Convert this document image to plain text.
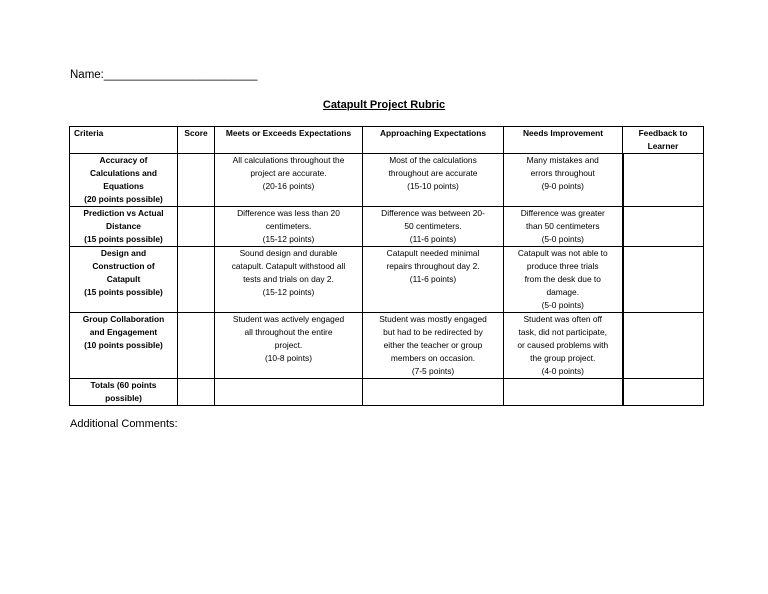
Name:________________________
Catapult Project Rubric
Criteria	Score	Meets or Exceeds Expectations	Approaching Expectations	Needs Improvement	Feedback to Learner

Accuracy of
Calculations and
Equations
(20 points possible)		All calculations throughout the
project are accurate.
(20-16 points)	Most of the calculations
throughout are accurate
(15-10 points)	Many mistakes and
errors throughout
(9-0 points)	

Prediction vs Actual
Distance
(15 points possible)		Difference was less than 20
centimeters.
(15-12 points)	Difference was between 20-
50 centimeters.
(11-6 points)	Difference was greater
than 50 centimeters
(5-0 points)	

Design and
Construction of
Catapult
(15 points possible)		Sound design and durable
catapult. Catapult withstood all
tests and trials on day 2.
(15-12 points)	Catapult needed minimal
repairs throughout day 2.
(11-6 points)	Catapult was not able to
produce three trials
from the desk due to
damage.
(5-0 points)	

Group Collaboration
and Engagement
(10 points possible)		Student was actively engaged
all throughout the entire
project.
(10-8 points)	Student was mostly engaged
but had to be redirected by
either the teacher or group
members on occasion.
(7-5 points)	Student was often off
task, did not participate,
or caused problems with
the group project.
(4-0 points)	

Totals (60 points
possible)					

Additional Comments:
